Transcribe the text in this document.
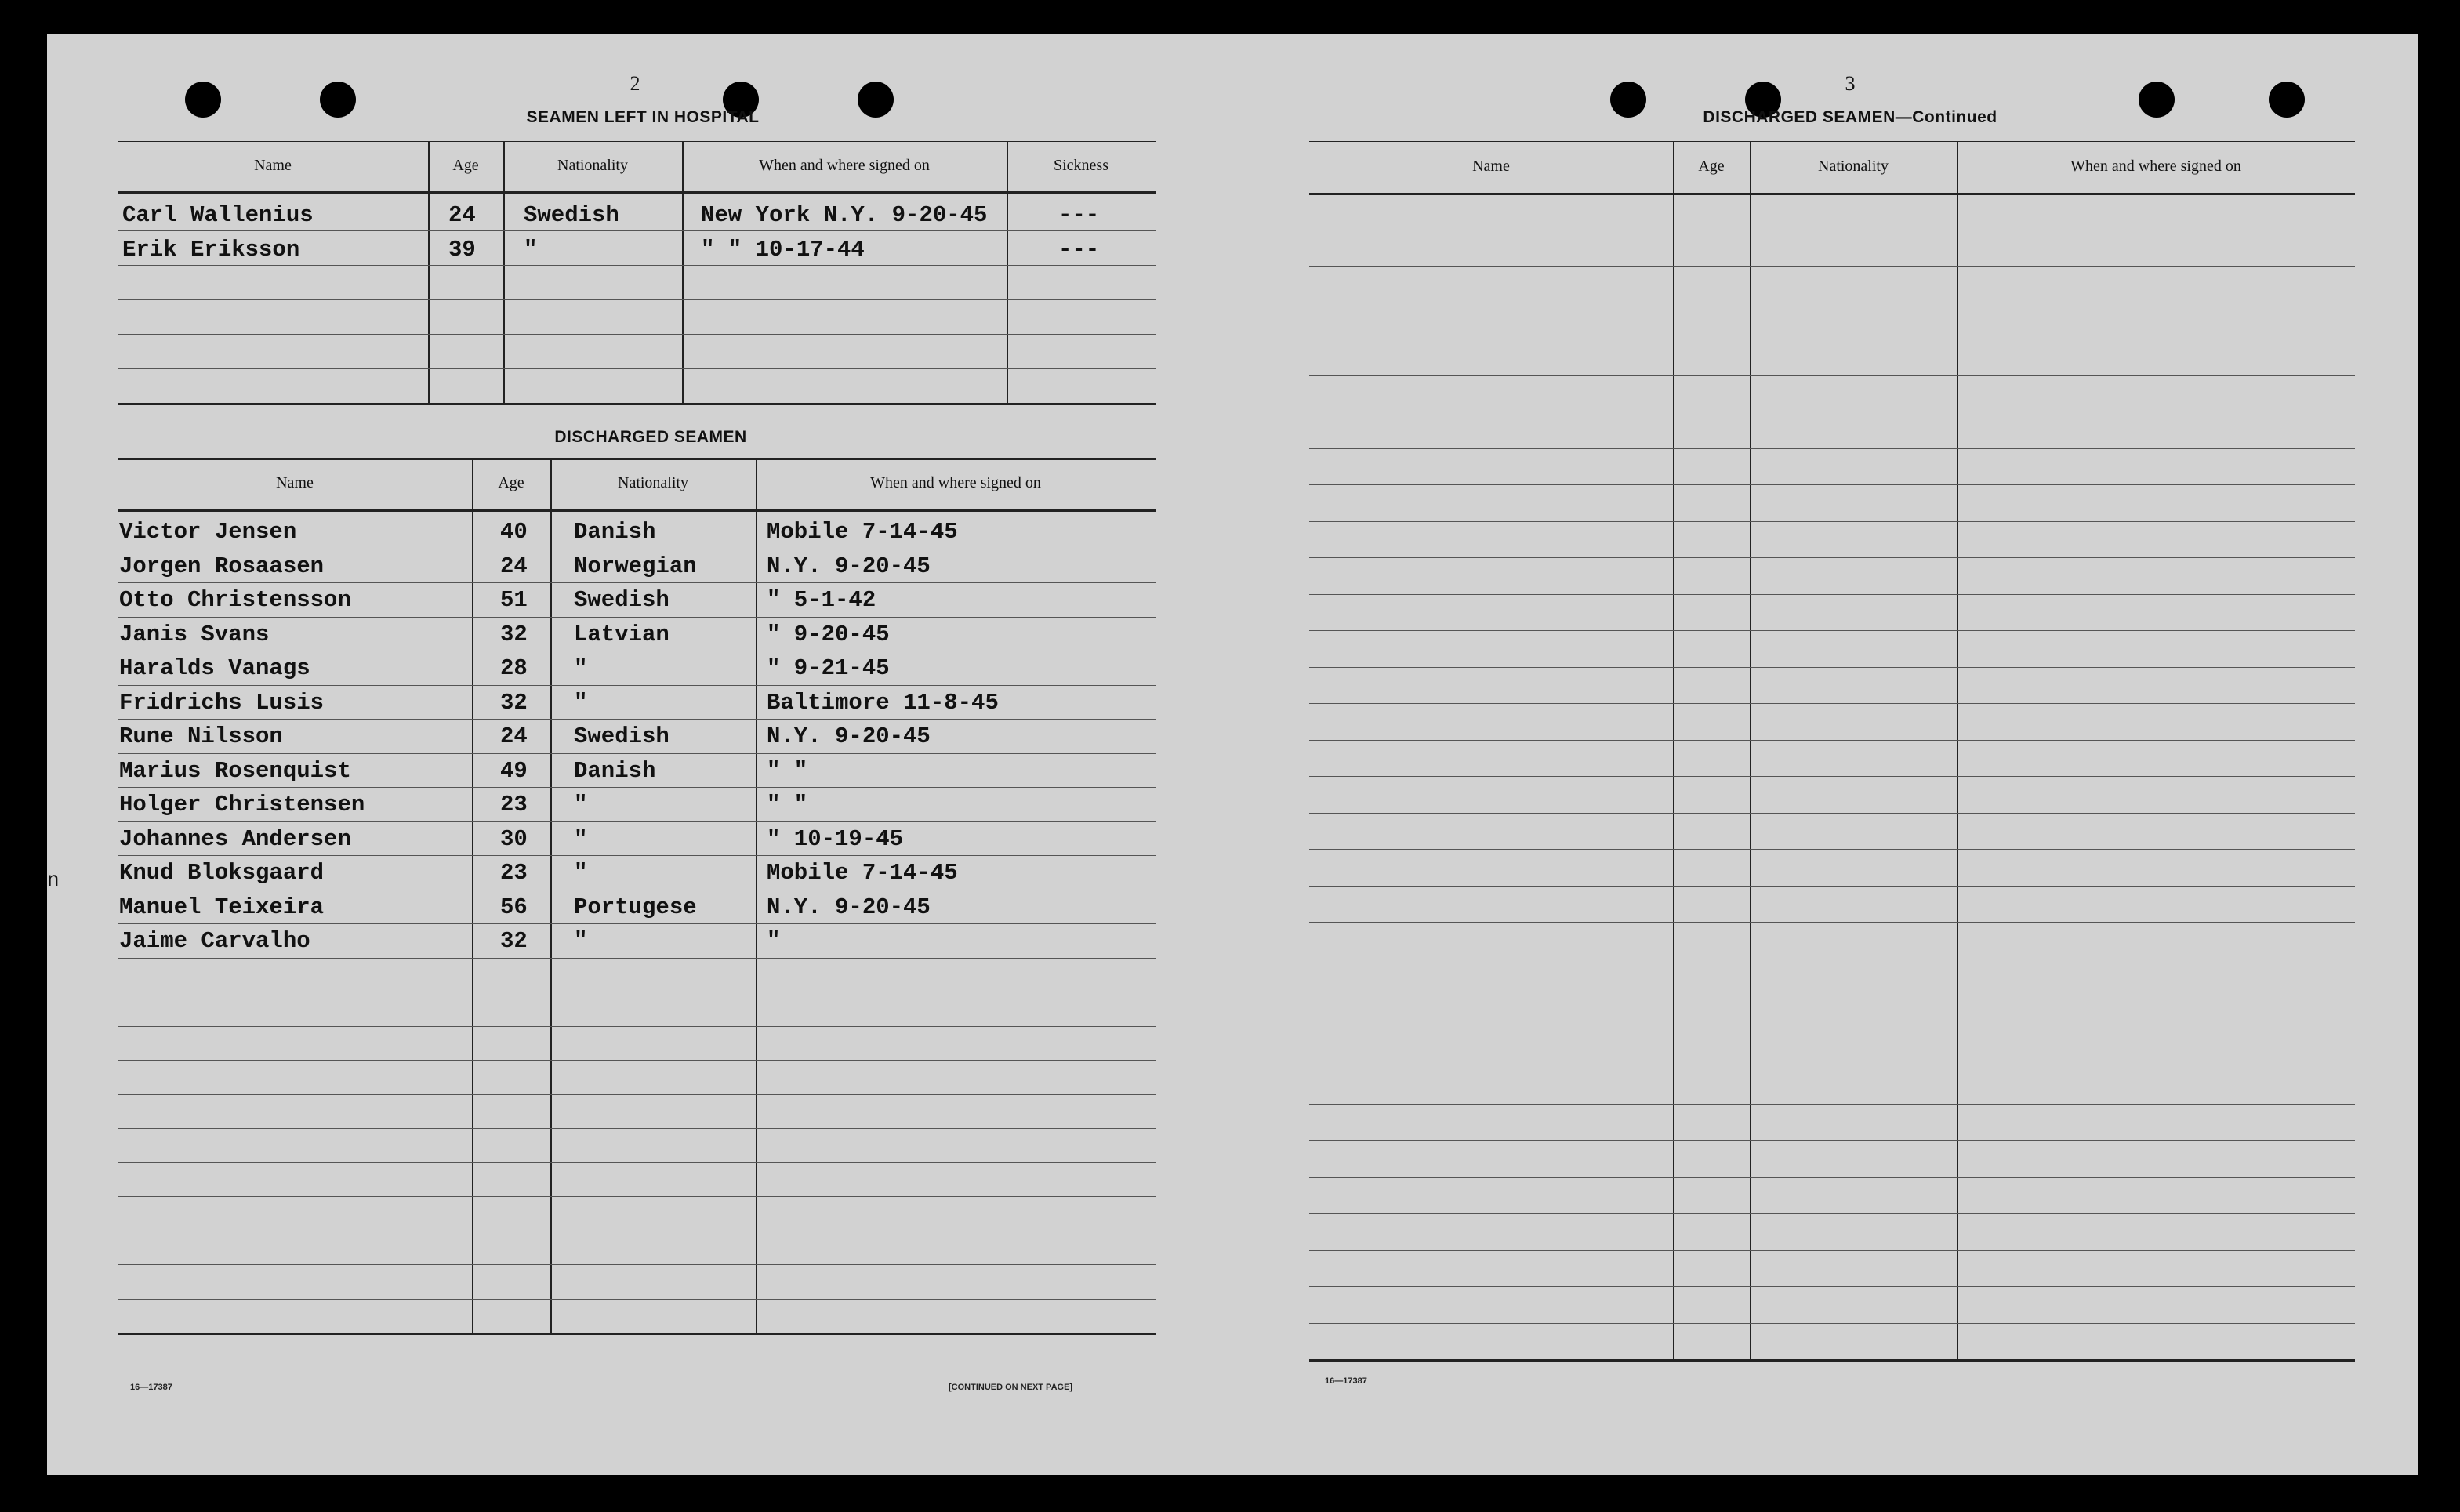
n
2
SEAMEN LEFT IN HOSPITAL
DISCHARGED SEAMEN
16—17387	[CONTINUED ON NEXT PAGE]
3
DISCHARGED SEAMEN—Continued
16—17387
Name	Age	Nationality	When and where signed on	Sickness
Carl Wallenius	24 Swedish	New York N.Y. 9-20-45	---
Erik Eriksson	39 "	" " 10-17-44	---
Name	Age	Nationality	When and where signed on
Victor Jensen	40 Danish	Mobile 7-14-45
Jorgen Rosaasen	24 Norwegian	N.Y. 9-20-45
Otto Christensson	51 Swedish	" 5-1-42
Janis Svans	32 Latvian	" 9-20-45
Haralds Vanags	28 "	" 9-21-45
Fridrichs Lusis	32 "	Baltimore 11-8-45
Rune Nilsson	24 Swedish	N.Y. 9-20-45
Marius Rosenquist	49 Danish	" "
Holger Christensen	23 "	" "
Johannes Andersen	30 "	" 10-19-45
Knud Bloksgaard	23 "	Mobile 7-14-45
Manuel Teixeira	56 Portugese	N.Y. 9-20-45
Jaime Carvalho	32 "	"
Name	Age	Nationality	When and where signed on
